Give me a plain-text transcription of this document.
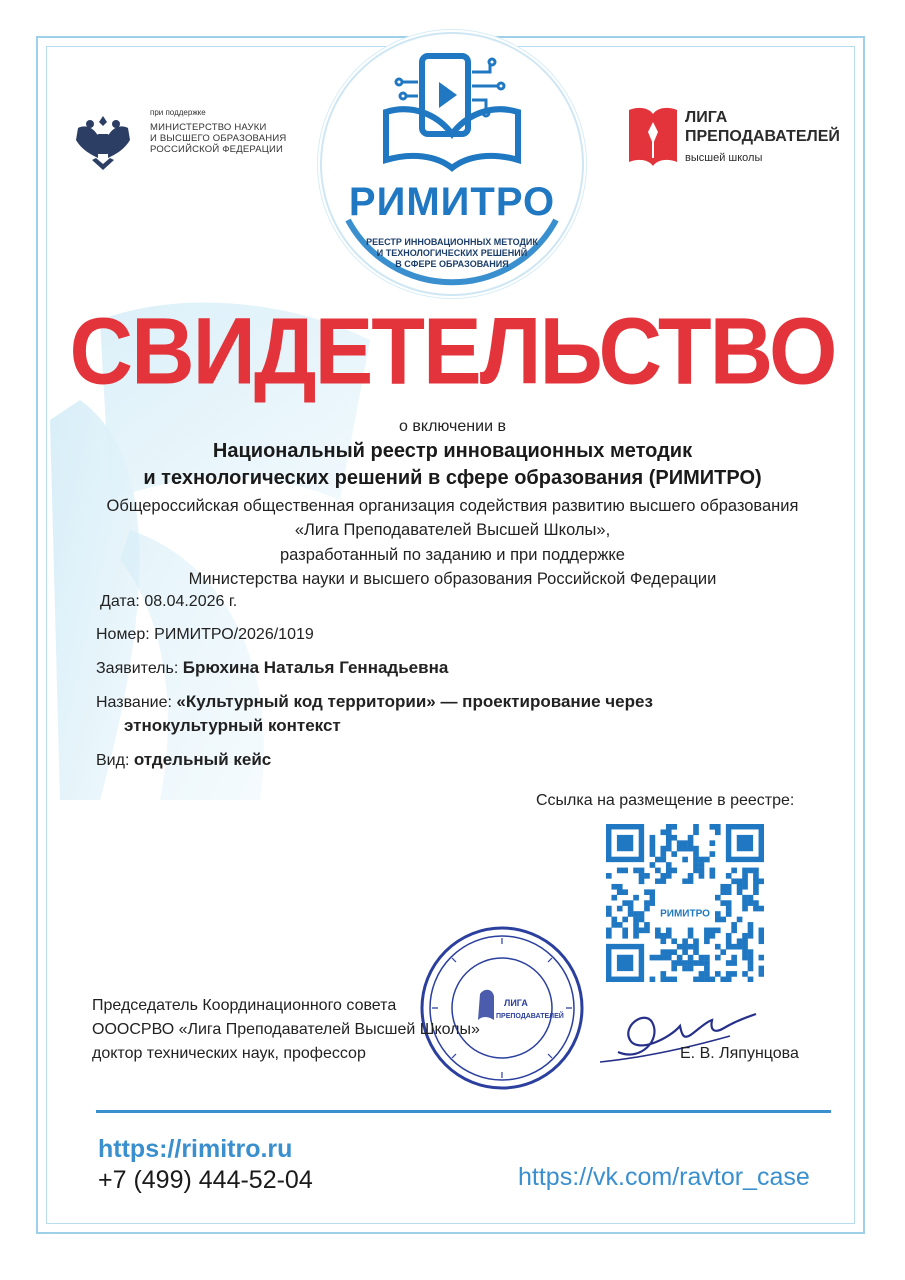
при поддержке
МИНИСТЕРСТВО НАУКИ
И ВЫСШЕГО ОБРАЗОВАНИЯ
РОССИЙСКОЙ ФЕДЕРАЦИИ
РИМИТРО
РЕЕСТР ИННОВАЦИОННЫХ МЕТОДИК
И ТЕХНОЛОГИЧЕСКИХ РЕШЕНИЙ
В СФЕРЕ ОБРАЗОВАНИЯ
ЛИГА
ПРЕПОДАВАТЕЛЕЙ
высшей школы
СВИДЕТЕЛЬСТВО
о включении в
Национальный реестр инновационных методик
и технологических решений в сфере образования (РИМИТРО)
Общероссийская общественная организация содействия развитию высшего образования
«Лига Преподавателей Высшей Школы»,
разработанный по заданию и при поддержке
Министерства науки и высшего образования Российской Федерации
Дата: 08.04.2026 г.
Номер: РИМИТРО/2026/1019
Заявитель: Брюхина Наталья Геннадьевна
Название: «Культурный код территории» — проектирование через
этнокультурный контекст
Вид: отдельный кейс
Ссылка на размещение в реестре:
РИМИТРО
ЛИГА
ПРЕПОДАВАТЕЛЕЙ
Председатель Координационного совета
ОООСРВО «Лига Преподавателей Высшей Школы»
доктор технических наук, профессор	Е. В. Ляпунцова
https://rimitro.ru
+7 (499) 444-52-04	https://vk.com/ravtor_case
